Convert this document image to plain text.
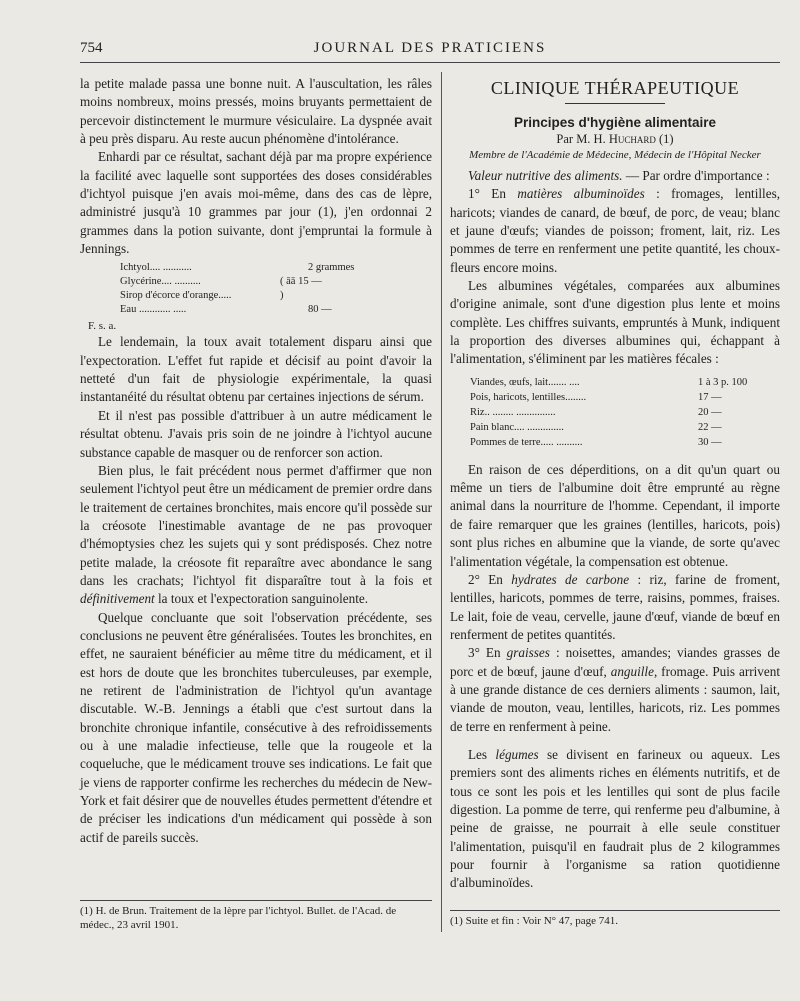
754	JOURNAL DES PRATICIENS

la petite malade passa une bonne nuit. A l'auscultation, les râles moins nombreux, moins pressés, moins bruyants permettaient de percevoir distinctement le murmure vésiculaire. La dyspnée avait à peu près disparu. Au reste aucun phénomène d'intolérance.

Enhardi par ce résultat, sachant déjà par ma propre expérience la facilité avec laquelle sont supportées des doses considérables d'ichtyol puisque j'en avais moi-même, dans des cas de lèpre, administré jusqu'à 10 grammes par jour (1), j'en ordonnai 2 grammes dans la potion suivante, dont j'empruntai la formule à Jennings.

Ichtyol.... ...........	2 grammes
Glycérine.... ..........	( āā 15 —
Sirop d'écorce d'orange.....	)
Eau ............ .....	80 —
F. s. a.

Le lendemain, la toux avait totalement disparu ainsi que l'expectoration. L'effet fut rapide et décisif au point d'avoir la netteté d'un fait de physiologie expérimentale, la quasi instantanéité du résultat obtenu par certaines injections de sérum.

Et il n'est pas possible d'attribuer à un autre médicament le résultat obtenu. J'avais pris soin de ne joindre à l'ichtyol aucune substance capable de masquer ou de renforcer son action.

Bien plus, le fait précédent nous permet d'affirmer que non seulement l'ichtyol peut être un médicament de premier ordre dans le traitement de certaines bronchites, mais encore qu'il possède sur la créosote l'inestimable avantage de ne pas provoquer d'hémoptysies chez les sujets qui y sont prédisposés. Chez notre petite malade, la créosote fit reparaître avec abondance le sang dans les crachats; l'ichtyol fit disparaître tout à la fois et définitivement la toux et l'expectoration sanguinolente.

Quelque concluante que soit l'observation précédente, ses conclusions ne peuvent être généralisées. Toutes les bronchites, en effet, ne sauraient bénéficier au même titre du médicament, et il est hors de doute que les bronchites tuberculeuses, par exemple, ne retirent de l'administration de l'ichtyol qu'un avantage discutable. W.-B. Jennings a établi que c'est surtout dans la bronchite chronique infantile, consécutive à des refroidissements ou à une maladie infectieuse, telle que la rougeole et la coqueluche, que le médicament trouve ses indications. Le fait que je viens de rapporter confirme les recherches du médecin de New-York et fait désirer que de nouvelles études permettent d'étendre et de préciser les indications d'un médicament qui possède à son actif de pareils succès.

(1) H. de Brun. Traitement de la lèpre par l'ichtyol. Bullet. de l'Acad. de médec., 23 avril 1901.
CLINIQUE THÉRAPEUTIQUE
Principes d'hygiène alimentaire
Par M. H. Huchard (1)
Membre de l'Académie de Médecine, Médecin de l'Hôpital Necker

Valeur nutritive des aliments. — Par ordre d'importance :

1° En matières albuminoïdes : fromages, lentilles, haricots; viandes de canard, de bœuf, de porc, de veau; blanc et jaune d'œufs; viandes de poisson; froment, lait, riz. Les pommes de terre en renferment une petite quantité, les choux-fleurs encore moins.

Les albumines végétales, comparées aux albumines d'origine animale, sont d'une digestion plus lente et moins complète. Les chiffres suivants, empruntés à Munk, indiquent la proportion des diverses albumines qui, échappant à l'alimentation, s'éliminent par les matières fécales :

Viandes, œufs, lait....... ....	1 à 3 p. 100
Pois, haricots, lentilles........	17 —
Riz.. ........ ...............	20 —
Pain blanc.... ..............	22 —
Pommes de terre..... ..........	30 —

En raison de ces déperditions, on a dit qu'un quart ou même un tiers de l'albumine doit être emprunté au règne animal dans la nourriture de l'homme. Cependant, il importe de faire remarquer que les graines (lentilles, haricots, pois) sont plus riches en albumine que la viande, de sorte qu'avec l'alimentation végétale, la compensation est obtenue.

2° En hydrates de carbone : riz, farine de froment, lentilles, haricots, pommes de terre, raisins, pommes, fraises. Le lait, foie de veau, cervelle, jaune d'œuf, viande de bœuf en renferment de petites quantités.

3° En graisses : noisettes, amandes; viandes grasses de porc et de bœuf, jaune d'œuf, anguille, fromage. Puis arrivent à une grande distance de ces derniers aliments : saumon, lait, viande de mouton, veau, lentilles, haricots, riz. Les pommes de terre en renferment à peine.

Les légumes se divisent en farineux ou aqueux. Les premiers sont des aliments riches en éléments nutritifs, et de tous ce sont les pois et les lentilles qui sont de plus facile digestion. La pomme de terre, qui renferme peu d'albumine, à peine de graisse, ne pourrait à elle seule constituer l'alimentation, puisqu'il en faudrait plus de 2 kilogrammes pour fournir à l'organisme sa ration quotidienne d'albuminoïdes.

(1) Suite et fin : Voir N° 47, page 741.
